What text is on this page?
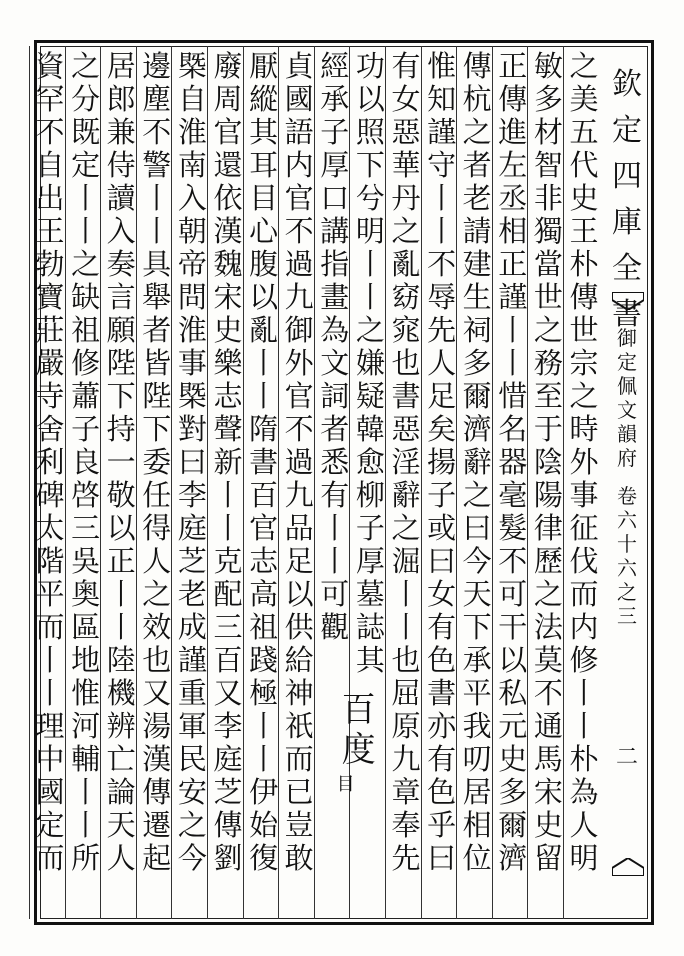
欽
定
四
庫
全
書
御
定
佩
文
韻
府
卷
六
十
六
之
三
二
之
美
五
代
史
王
朴
傳
世
宗
之
時
外
事
征
伐
而
内
修
丨
丨
朴
為
人
明
敏
多
材
智
非
獨
當
世
之
務
至
于
陰
陽
律
歷
之
法
莫
不
通
馬
宋
史
留
正
傳
進
左
丞
相
正
謹
丨
丨
惜
名
器
毫
髮
不
可
干
以
私
元
史
多
爾
濟
傳
杭
之
者
老
請
建
生
祠
多
爾
濟
辭
之
曰
今
天
下
承
平
我
叨
居
相
位
惟
知
謹
守
丨
丨
不
辱
先
人
足
矣
揚
子
或
曰
女
有
色
書
亦
有
色
乎
曰
有
女
惡
華
丹
之
亂
窈
窕
也
書
惡
淫
辭
之
淈
丨
丨
也
屈
原
九
章
奉
先
功
以
照
下
兮
明
丨
丨
之
嫌
疑
韓
愈
柳
子
厚
墓
誌
其
經
承
子
厚
口
講
指
畫
為
文
詞
者
悉
有
丨
丨
可
觀
貞
國
語
内
官
不
過
九
御
外
官
不
過
九
品
足
以
供
給
神
祇
而
已
豈
敢
厭
縱
其
耳
目
心
腹
以
亂
丨
丨
隋
書
百
官
志
高
祖
踐
極
丨
丨
伊
始
復
廢
周
官
還
依
漢
魏
宋
史
樂
志
聲
新
丨
丨
克
配
三
百
又
李
庭
芝
傳
劉
槩
自
淮
南
入
朝
帝
問
淮
事
槩
對
曰
李
庭
芝
老
成
謹
重
軍
民
安
之
今
邊
塵
不
警
丨
丨
具
舉
者
皆
陛
下
委
任
得
人
之
效
也
又
湯
漢
傳
遷
起
居
郎
兼
侍
讀
入
奏
言
願
陛
下
持
一
敬
以
正
丨
丨
陸
機
辨
亡
論
天
人
之
分
既
定
丨
丨
之
缺
祖
修
蕭
子
良
啓
三
吳
奥
區
地
惟
河
輔
丨
丨
所
資
罕
不
自
出
王
勃
寶
莊
嚴
寺
舍
利
碑
太
階
平
而
丨
丨
理
中
國
定
而
百
度
目
